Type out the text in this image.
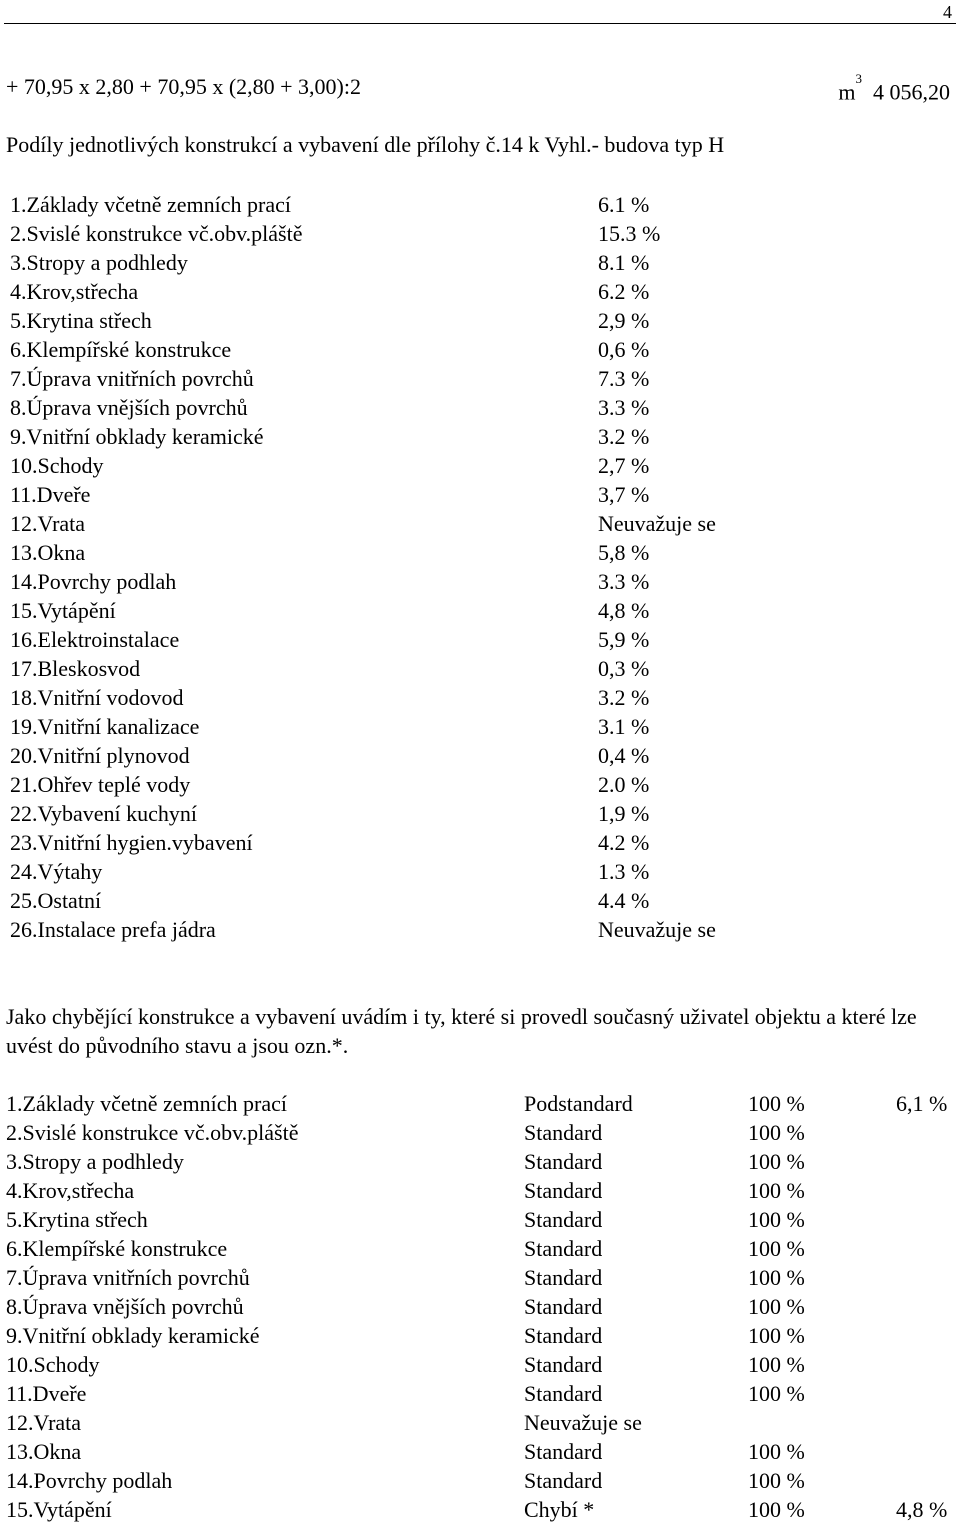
4
+ 70,95 x 2,80 + 70,95 x (2,80 + 3,00):2	$m^3$  4 056,20
Podíly jednotlivých konstrukcí a vybavení dle přílohy č.14 k Vyhl.- budova typ H
1.Základy včetně zemních prací	6.1 %
2.Svislé konstrukce vč.obv.pláště	15.3 %
3.Stropy a podhledy	8.1 %
4.Krov,střecha	6.2 %
5.Krytina střech	2,9 %
6.Klempířské konstrukce	0,6 %
7.Úprava vnitřních povrchů	7.3 %
8.Úprava vnějších povrchů	3.3 %
9.Vnitřní obklady keramické	3.2 %
10.Schody	2,7 %
11.Dveře	3,7 %
12.Vrata	Neuvažuje se
13.Okna	5,8 %
14.Povrchy podlah	3.3 %
15.Vytápění	4,8 %
16.Elektroinstalace	5,9 %
17.Bleskosvod	0,3 %
18.Vnitřní vodovod	3.2 %
19.Vnitřní kanalizace	3.1 %
20.Vnitřní plynovod	0,4 %
21.Ohřev teplé vody	2.0 %
22.Vybavení kuchyní	1,9 %
23.Vnitřní hygien.vybavení	4.2 %
24.Výtahy	1.3 %
25.Ostatní	4.4 %
26.Instalace prefa jádra	Neuvažuje se
Jako chybějící konstrukce a vybavení uvádím i ty, které si provedl současný uživatel objektu a které lze uvést do původního stavu a jsou ozn.*.
1.Základy včetně zemních prací	Podstandard	100 %	6,1 %
2.Svislé konstrukce vč.obv.pláště	Standard	100 %
3.Stropy a podhledy	Standard	100 %
4.Krov,střecha	Standard	100 %
5.Krytina střech	Standard	100 %
6.Klempířské konstrukce	Standard	100 %
7.Úprava vnitřních povrchů	Standard	100 %
8.Úprava vnějších povrchů	Standard	100 %
9.Vnitřní obklady keramické	Standard	100 %
10.Schody	Standard	100 %
11.Dveře	Standard	100 %
12.Vrata	Neuvažuje se
13.Okna	Standard	100 %
14.Povrchy podlah	Standard	100 %
15.Vytápění	Chybí *	100 %	4,8 %
